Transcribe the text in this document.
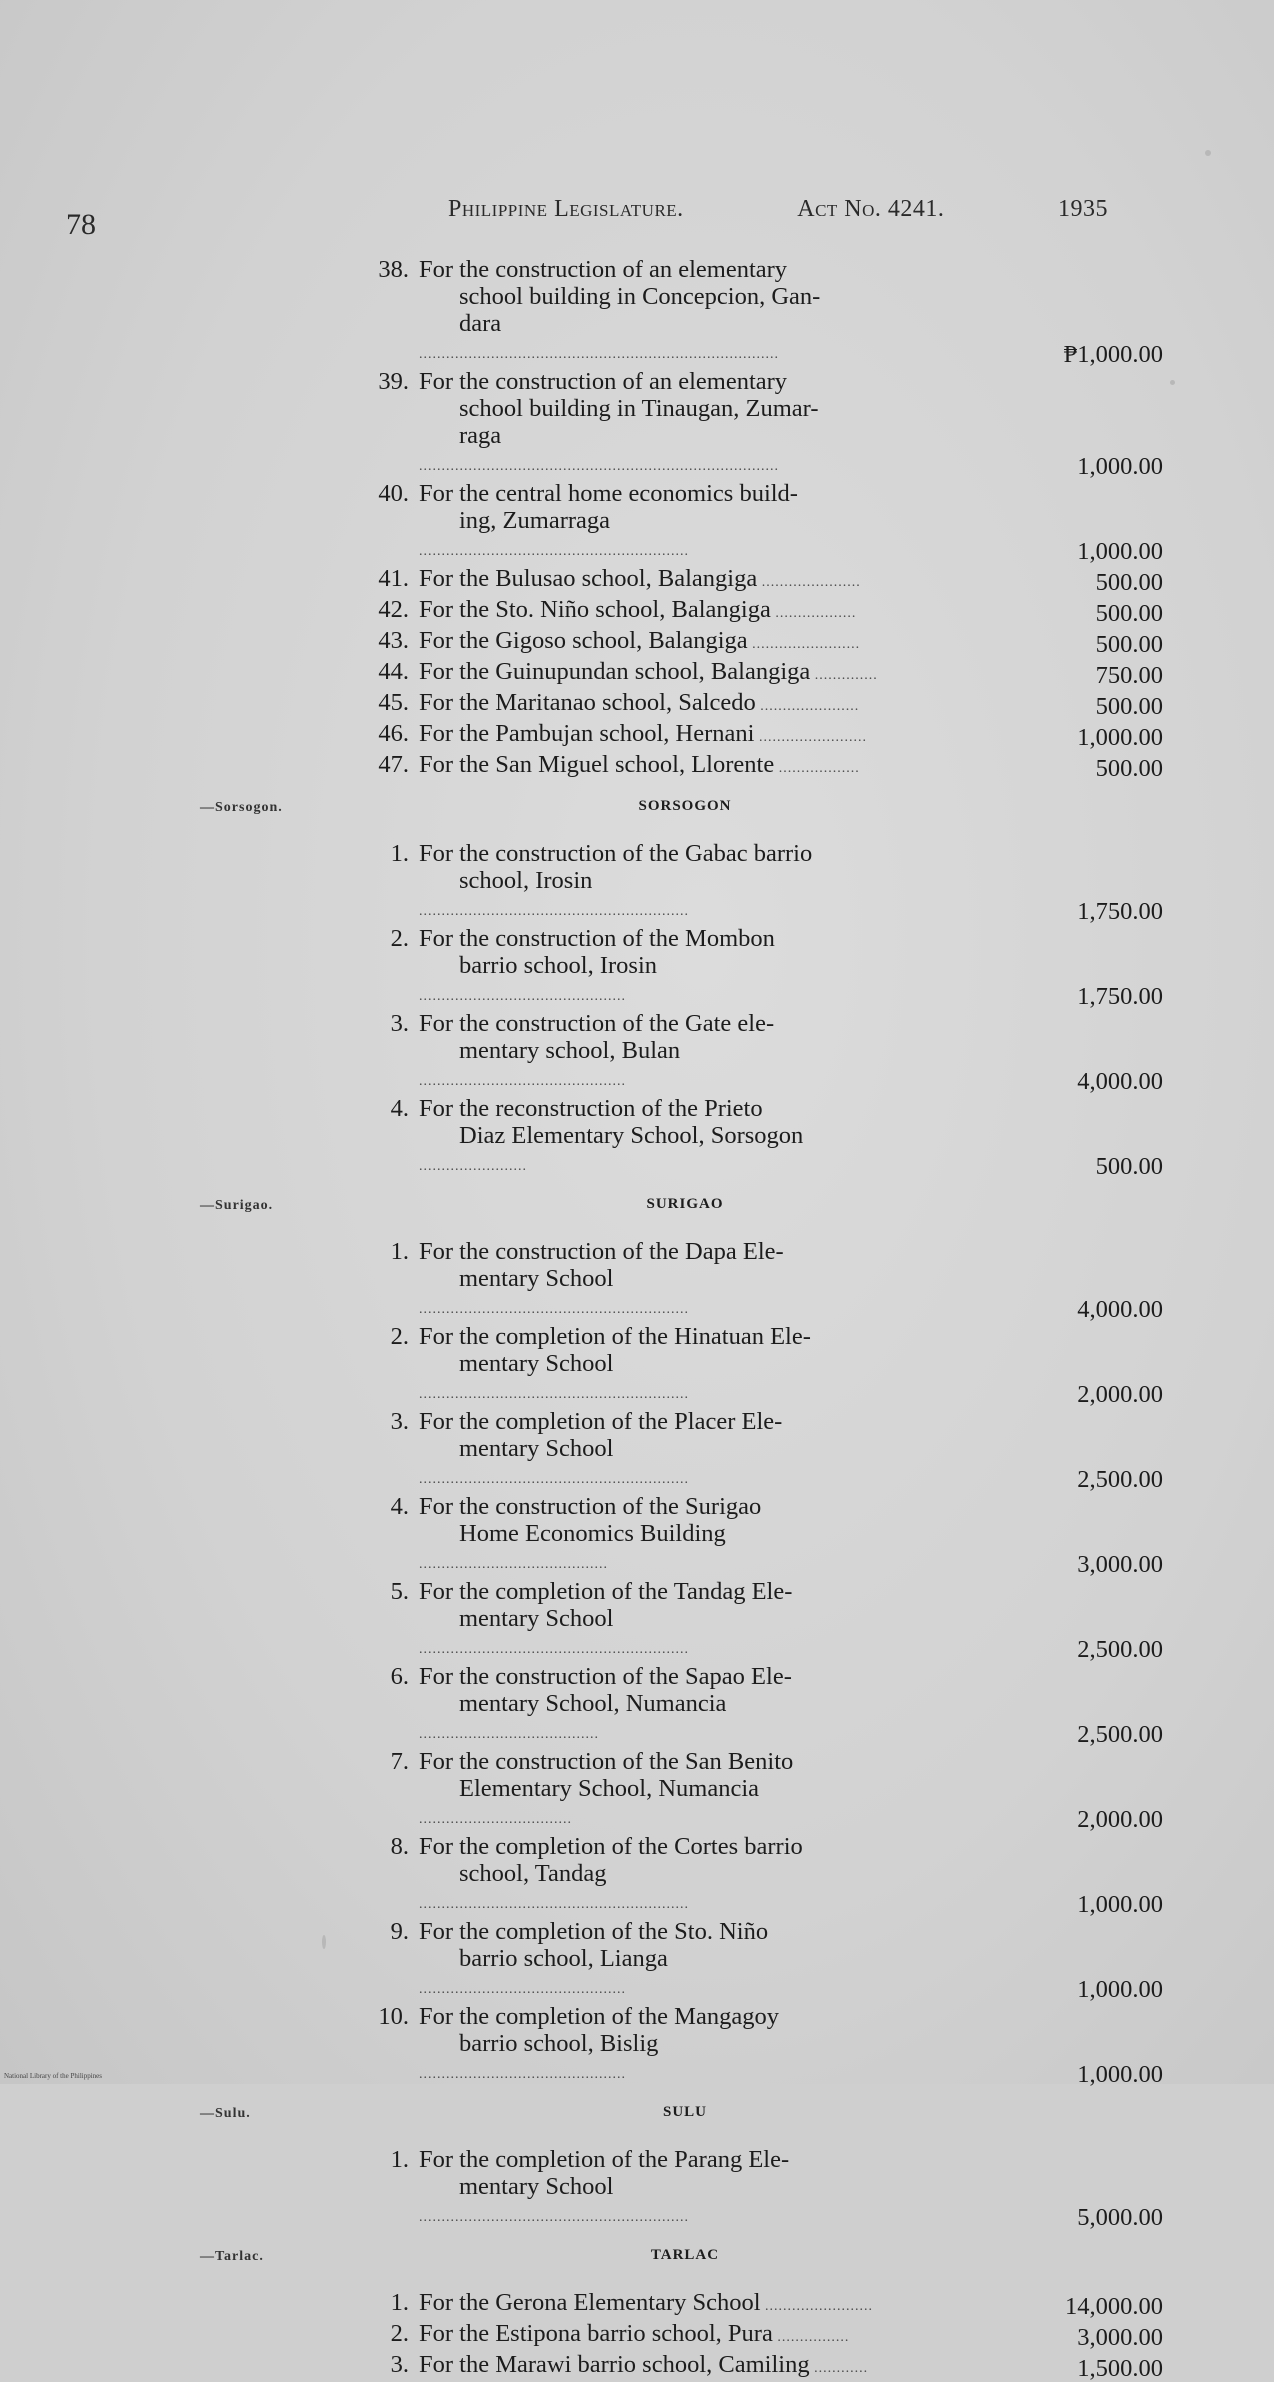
78	Philippine Legislature.	Act No. 4241.	1935
38. For the construction of an elementary
school building in Concepcion, Gan-
dara
................................................................................	₱1,000.00
39. For the construction of an elementary
school building in Tinaugan, Zumar-
raga
................................................................................	1,000.00
40. For the central home economics build-
ing, Zumarraga
............................................................	1,000.00
41. For the Bulusao school, Balangiga ......................	500.00
42. For the Sto. Niño school, Balangiga ..................	500.00
43. For the Gigoso school, Balangiga ........................	500.00
44. For the Guinupundan school, Balangiga ..............	750.00
45. For the Maritanao school, Salcedo ......................	500.00
46. For the Pambujan school, Hernani ........................	1,000.00
47. For the San Miguel school, Llorente ..................	500.00
—Sorsogon.	SORSOGON
1. For the construction of the Gabac barrio
school, Irosin
............................................................	1,750.00
2. For the construction of the Mombon
barrio school, Irosin
..............................................	1,750.00
3. For the construction of the Gate ele-
mentary school, Bulan
..............................................	4,000.00
4. For the reconstruction of the Prieto
Diaz Elementary School, Sorsogon
........................	500.00
—Surigao.	SURIGAO
1. For the construction of the Dapa Ele-
mentary School
............................................................	4,000.00
2. For the completion of the Hinatuan Ele-
mentary School
............................................................	2,000.00
3. For the completion of the Placer Ele-
mentary School
............................................................	2,500.00
4. For the construction of the Surigao
Home Economics Building
..........................................	3,000.00
5. For the completion of the Tandag Ele-
mentary School
............................................................	2,500.00
6. For the construction of the Sapao Ele-
mentary School, Numancia
........................................	2,500.00
7. For the construction of the San Benito
Elementary School, Numancia
..................................	2,000.00
8. For the completion of the Cortes barrio
school, Tandag
............................................................	1,000.00
9. For the completion of the Sto. Niño
barrio school, Lianga
..............................................	1,000.00
10. For the completion of the Mangagoy
barrio school, Bislig
..............................................	1,000.00
—Sulu.	SULU
1. For the completion of the Parang Ele-
mentary School
............................................................	5,000.00
—Tarlac.	TARLAC
1. For the Gerona Elementary School ........................	14,000.00
2. For the Estipona barrio school, Pura ................	3,000.00
3. For the Marawi barrio school, Camiling ............	1,500.00
National Library of the Philippines
